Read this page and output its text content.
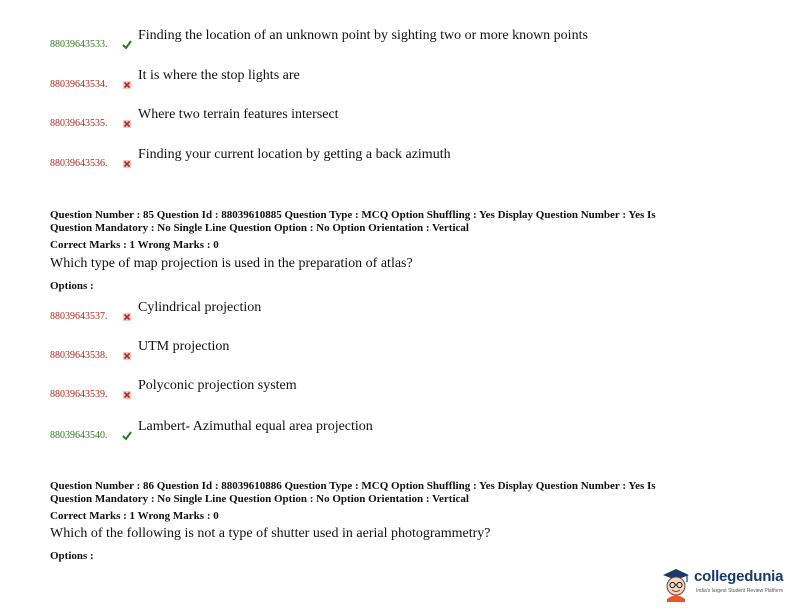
88039643533.
Finding the location of an unknown point by sighting two or more known points
88039643534.
It is where the stop lights are
88039643535.
Where two terrain features intersect
88039643536.
Finding your current location by getting a back azimuth
Question Number : 85 Question Id : 88039610885 Question Type : MCQ Option Shuffling : Yes Display Question Number : Yes Is
Question Mandatory : No Single Line Question Option : No Option Orientation : Vertical
Correct Marks : 1 Wrong Marks : 0
Which type of map projection is used in the preparation of atlas?
Options :
88039643537.
Cylindrical projection
88039643538.
UTM projection
88039643539.
Polyconic projection system
88039643540.
Lambert- Azimuthal equal area projection
Question Number : 86 Question Id : 88039610886 Question Type : MCQ Option Shuffling : Yes Display Question Number : Yes Is
Question Mandatory : No Single Line Question Option : No Option Orientation : Vertical
Correct Marks : 1 Wrong Marks : 0
Which of the following is not a type of shutter used in aerial photogrammetry?
Options :
collegedunia
India's largest Student Review Platform
